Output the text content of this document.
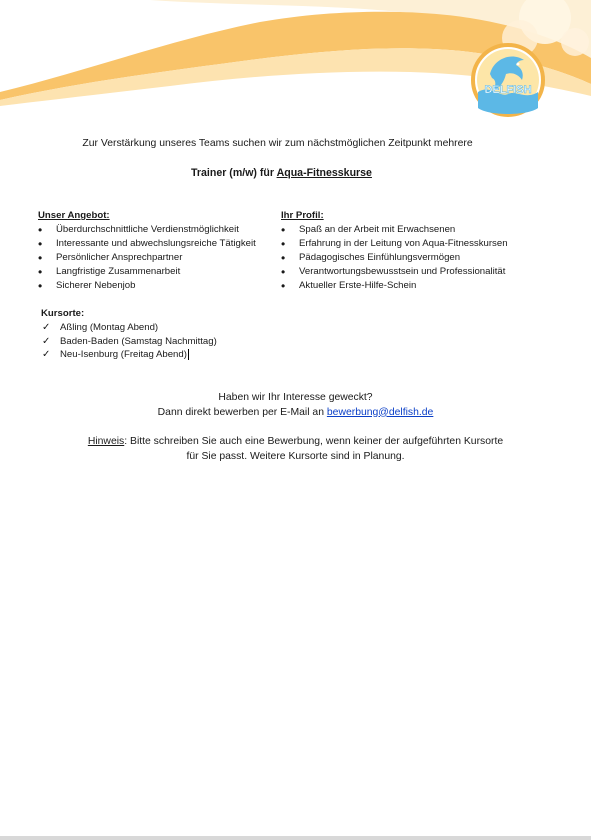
DELFISH
Zur Verstärkung unseres Teams suchen wir zum nächstmöglichen Zeitpunkt mehrere
Trainer (m/w) für Aqua-Fitnesskurse
Unser Angebot:
• Überdurchschnittliche Verdienstmöglichkeit
• Interessante und abwechslungsreiche Tätigkeit
• Persönlicher Ansprechpartner
• Langfristige Zusammenarbeit
• Sicherer Nebenjob
Ihr Profil:
• Spaß an der Arbeit mit Erwachsenen
• Erfahrung in der Leitung von Aqua-Fitnesskursen
• Pädagogisches Einfühlungsvermögen
• Verantwortungsbewusstsein und Professionalität
• Aktueller Erste-Hilfe-Schein
Kursorte:
✓ Aßling (Montag Abend)
✓ Baden-Baden (Samstag Nachmittag)
✓ Neu-Isenburg (Freitag Abend)
Haben wir Ihr Interesse geweckt?
Dann direkt bewerben per E-Mail an bewerbung@delfish.de
Hinweis: Bitte schreiben Sie auch eine Bewerbung, wenn keiner der aufgeführten Kursorte
für Sie passt. Weitere Kursorte sind in Planung.
